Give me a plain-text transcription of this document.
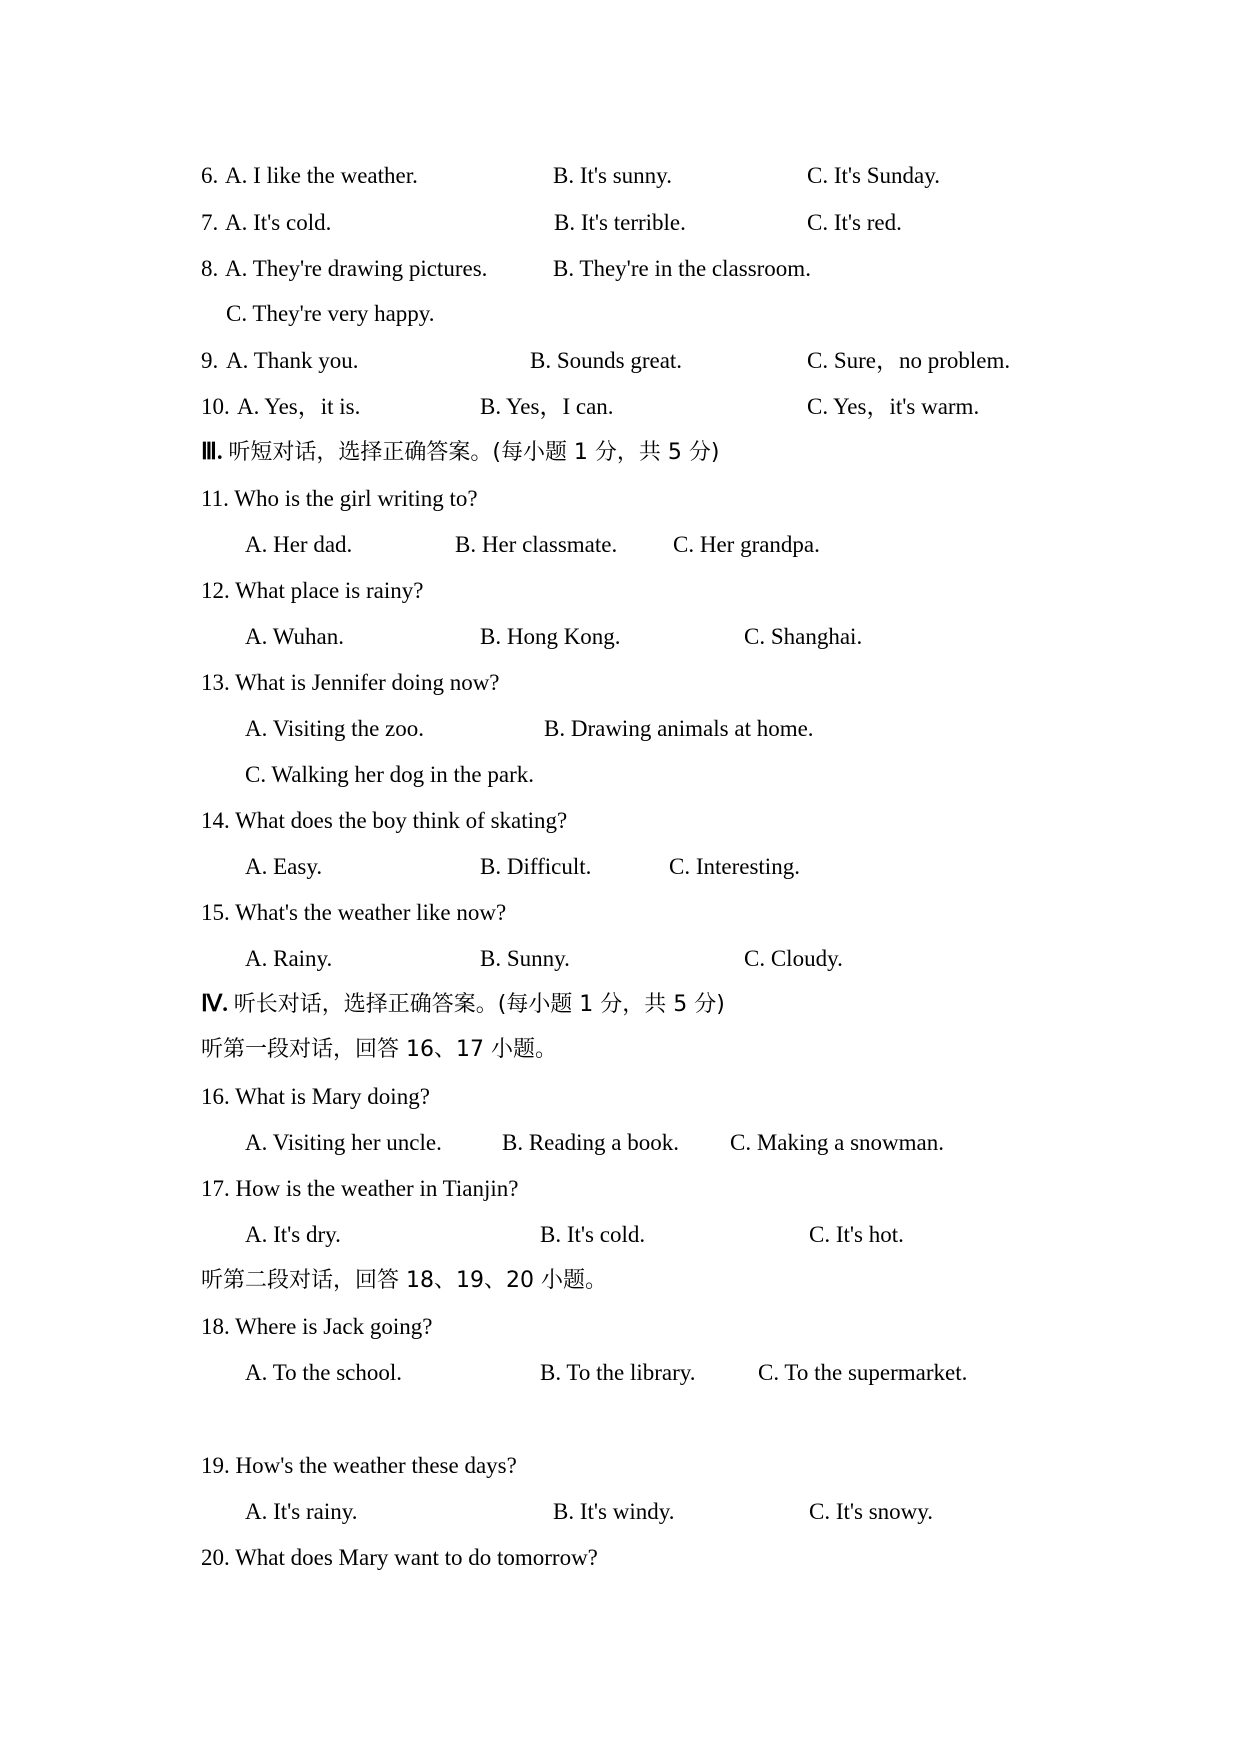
6. A. I like the weather.	B. It's sunny.	C. It's Sunday.
7. A. It's cold.	B. It's terrible.	C. It's red.
8. A. They're drawing pictures.	B. They're in the classroom.
C. They're very happy.
9. A. Thank you.	B. Sounds great.	C. Sure，no problem.
10. A. Yes，it is.	B. Yes，I can.	C. Yes，it's warm.
Ⅲ. 听短对话，选择正确答案。(每小题 1 分，共 5 分)
11. Who is the girl writing to?
A. Her dad.	B. Her classmate. C. Her grandpa.
12. What place is rainy?
A. Wuhan.	B. Hong Kong.	C. Shanghai.
13. What is Jennifer doing now?
A. Visiting the zoo.	B. Drawing animals at home.
C. Walking her dog in the park.
14. What does the boy think of skating?
A. Easy.	B. Difficult.	C. Interesting.
15. What's the weather like now?
A. Rainy.	B. Sunny.	C. Cloudy.
Ⅳ. 听长对话，选择正确答案。(每小题 1 分，共 5 分)
听第一段对话，回答 16、17 小题。
16. What is Mary doing?
A. Visiting her uncle.	B. Reading a book. C. Making a snowman.
17. How is the weather in Tianjin?
A. It's dry.	B. It's cold.	C. It's hot.
听第二段对话，回答 18、19、20 小题。
18. Where is Jack going?
A. To the school.	B. To the library.	C. To the supermarket.
19. How's the weather these days?
A. It's rainy.	B. It's windy.	C. It's snowy.
20. What does Mary want to do tomorrow?
